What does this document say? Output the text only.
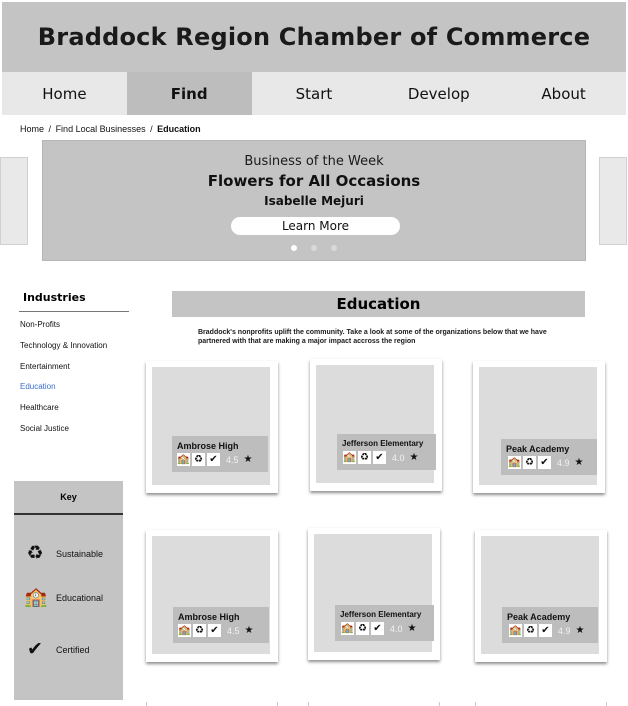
Braddock Region Chamber of Commerce
Home	Find	Start	Develop	About
Home / Find Local Businesses / Education
Business of the Week
Flowers for All Occasions
Isabelle Mejuri
Learn More
Industries
Non-Profits
Technology & Innovation
Entertainment
Education
Healthcare
Social Justice
Key
♻ Sustainable
🏫 Educational
✔	Certified
Education
Braddock's nonprofits uplift the community. Take a look at some of the organizations below that we have partnered with that are making a major impact accross the region
Ambrose High
🏫 ♻ ✔ 4.5 ★
Jefferson Elementary
🏫 ♻ ✔ 4.0 ★
Peak Academy
🏫 ♻ ✔ 4.9 ★
Ambrose High
🏫 ♻ ✔ 4.5 ★
Jefferson Elementary
🏫 ♻ ✔ 4.0 ★
Peak Academy
🏫 ♻ ✔ 4.9 ★
